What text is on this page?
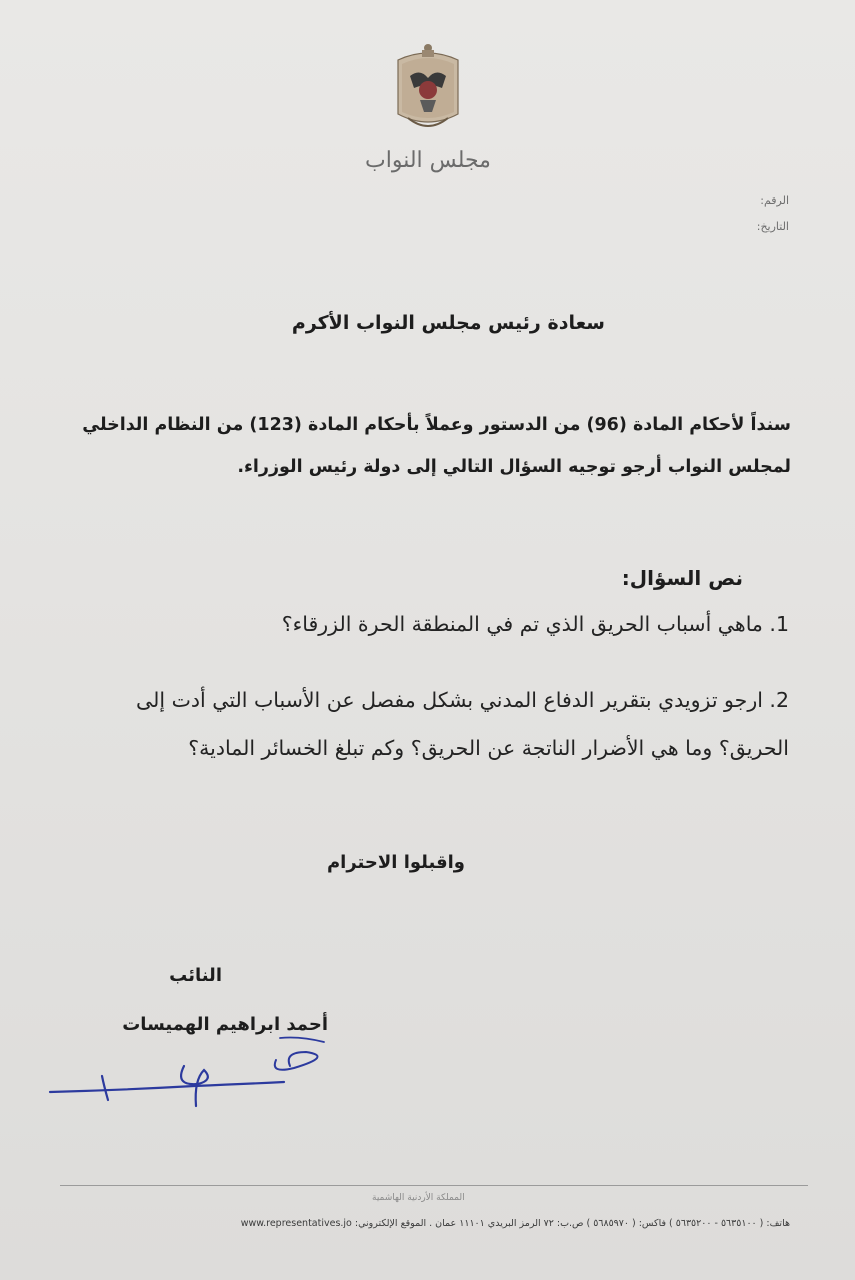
مجلس النواب
الرقم:
التاريخ:
سعادة رئيس مجلس النواب الأكرم
سنداً لأحكام المادة (96) من الدستور وعملاً بأحكام المادة (123) من النظام الداخلي لمجلس النواب أرجو توجيه السؤال التالي إلى دولة رئيس الوزراء.
نص السؤال:
1. ماهي أسباب الحريق الذي تم في المنطقة الحرة الزرقاء؟
2. ارجو تزويدي بتقرير الدفاع المدني بشكل مفصل عن الأسباب التي أدت إلى الحريق؟ وما هي الأضرار الناتجة عن الحريق؟ وكم تبلغ الخسائر المادية؟
واقبلوا الاحترام
النائب
أحمد ابراهيم الهميسات
المملكة الأردنية الهاشمية
هاتف: ( ٥٦٣٥١٠٠ - ٥٦٣٥٢٠٠ ) فاكس: ( ٥٦٨٥٩٧٠ ) ص.ب: ٧٢ الرمز البريدي ١١١٠١ عمان . الموقع الإلكتروني: www.representatives.jo
